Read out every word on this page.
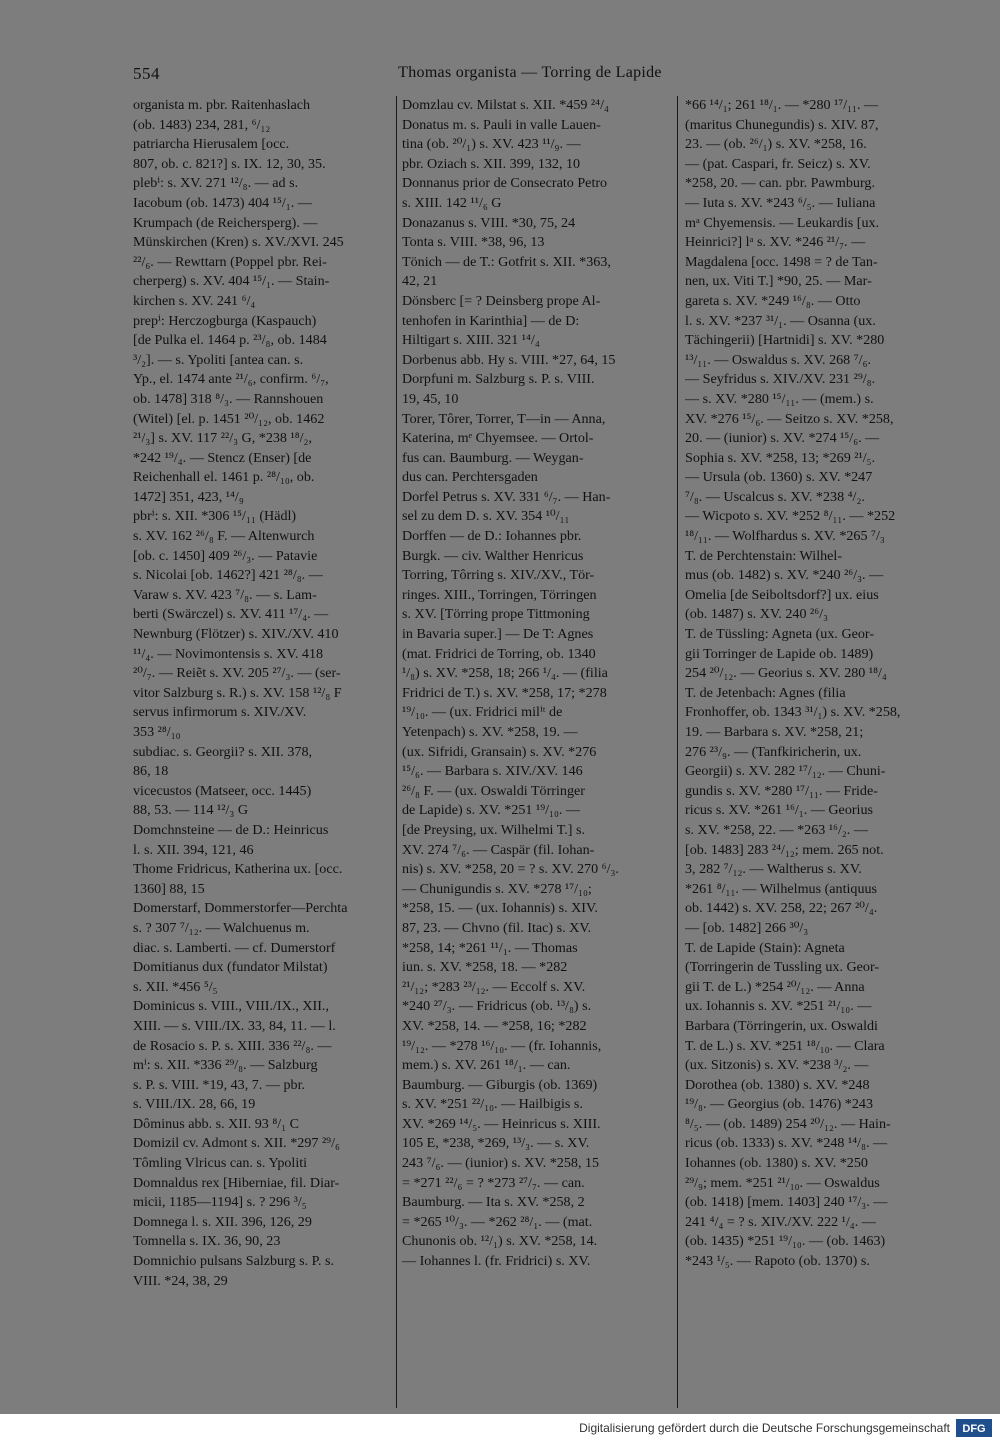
554	Thomas organista — Torring de Lapide
organista m. pbr. Raitenhaslach
(ob. 1483) 234, 281, ⁶/₁₂
patriarcha Hierusalem [occ.
807, ob. c. 821?] s. IX. 12, 30, 35.
plebⁱ: s. XV. 271 ¹²/₈. — ad s.
Iacobum (ob. 1473) 404 ¹⁵/₁. —
Krumpach (de Reichersperg). —
Münskirchen (Kren) s. XV./XVI. 245
²²/₆. — Rewttarn (Poppel pbr. Rei-
cherperg) s. XV. 404 ¹⁵/₁. — Stain-
kirchen s. XV. 241 ⁶/₄
prepⁱ: Herczogburga (Kaspauch)
[de Pulka el. 1464 p. ²³/₈, ob. 1484
³/₂]. — s. Ypoliti [antea can. s.
Yp., el. 1474 ante ²¹/₆, confirm. ⁶/₇,
ob. 1478] 318 ⁸/₃. — Rannshouen
(Witel) [el. p. 1451 ²⁰/₁₂, ob. 1462
²¹/₃] s. XV. 117 ²²/₃ G, *238 ¹⁸/₂,
*242 ¹⁹/₄. — Stencz (Enser) [de
Reichenhall el. 1461 p. ²⁸/₁₀, ob.
1472] 351, 423, ¹⁴/₉
pbrⁱ: s. XII. *306 ¹⁵/₁₁ (Hädl)
s. XV. 162 ²⁶/₈ F. — Altenwurch
[ob. c. 1450] 409 ²⁶/₃. — Patavie
s. Nicolai [ob. 1462?] 421 ²⁸/₈. —
Varaw s. XV. 423 ⁷/₈. — s. Lam-
berti (Swärczel) s. XV. 411 ¹⁷/₄. —
Newnburg (Flötzer) s. XIV./XV. 410
¹¹/₄. — Novimontensis s. XV. 418
²⁰/₇. — Reiẽt s. XV. 205 ²⁷/₃. — (ser-
vitor Salzburg s. R.) s. XV. 158 ¹²/₈ F
servus infirmorum s. XIV./XV.
353 ²⁸/₁₀
subdiac. s. Georgii? s. XII. 378,
86, 18
vicecustos (Matseer, occ. 1445)
88, 53. — 114 ¹²/₃ G
Domchnsteine — de D.: Heinricus
l. s. XII. 394, 121, 46
Thome Fridricus, Katherina ux. [occ.
1360] 88, 15
Domerstarf, Dommerstorfer—Perchta
s. ? 307 ⁷/₁₂. — Walchuenus m.
diac. s. Lamberti. — cf. Dumerstorf
Domitianus dux (fundator Milstat)
s. XII. *456 ⁵/₅
Dominicus s. VIII., VIII./IX., XII.,
XIII. — s. VIII./IX. 33, 84, 11. — l.
de Rosacio s. P. s. XIII. 336 ²²/₈. —
mⁱ: s. XII. *336 ²⁹/₈. — Salzburg
s. P. s. VIII. *19, 43, 7. — pbr.
s. VIII./IX. 28, 66, 19
Dôminus abb. s. XII. 93 ⁸/₁ C
Domizil cv. Admont s. XII. *297 ²⁹/₆
Tômling Vlricus can. s. Ypoliti
Domnaldus rex [Hiberniae, fil. Diar-
micii, 1185—1194] s. ? 296 ³/₅
Domnega l. s. XII. 396, 126, 29
Tomnella s. IX. 36, 90, 23
Domnichio pulsans Salzburg s. P. s.
VIII. *24, 38, 29
Domzlau cv. Milstat s. XII. *459 ²⁴/₄
Donatus m. s. Pauli in valle Lauen-
tina (ob. ²⁰/₁) s. XV. 423 ¹¹/₉. —
pbr. Oziach s. XII. 399, 132, 10
Donnanus prior de Consecrato Petro
s. XIII. 142 ¹¹/₆ G
Donazanus s. VIII. *30, 75, 24
Tonta s. VIII. *38, 96, 13
Tönich — de T.: Gotfrit s. XII. *363,
42, 21
Dönsberc [= ? Deinsberg prope Al-
tenhofen in Karinthia] — de D:
Hiltigart s. XIII. 321 ¹⁴/₄
Dorbenus abb. Hy s. VIII. *27, 64, 15
Dorpfuni m. Salzburg s. P. s. VIII.
19, 45, 10
Torer, Tôrer, Torrer, T—in — Anna,
Katerina, mᵉ Chyemsee. — Ortol-
fus can. Baumburg. — Weygan-
dus can. Perchtersgaden
Dorfel Petrus s. XV. 331 ⁶/₇. — Han-
sel zu dem D. s. XV. 354 ¹⁰/₁₁
Dorffen — de D.: Iohannes pbr.
Burgk. — civ. Walther Henricus
Torring, Tôrring s. XIV./XV., Tör-
ringes. XIII., Torringen, Törringen
s. XV. [Törring prope Tittmoning
in Bavaria super.] — De T: Agnes
(mat. Fridrici de Torring, ob. 1340
¹/₈) s. XV. *258, 18; 266 ¹/₄. — (filia
Fridrici de T.) s. XV. *258, 17; *278
¹⁹/₁₀. — (ux. Fridrici milⁱᵗ de
Yetenpach) s. XV. *258, 19. —
(ux. Sifridi, Gransain) s. XV. *276
¹⁵/₆. — Barbara s. XIV./XV. 146
²⁶/₈ F. — (ux. Oswaldi Törringer
de Lapide) s. XV. *251 ¹⁹/₁₀. —
[de Preysing, ux. Wilhelmi T.] s.
XV. 274 ⁷/₆. — Caspär (fil. Iohan-
nis) s. XV. *258, 20 = ? s. XV. 270 ⁶/₃.
— Chunigundis s. XV. *278 ¹⁷/₁₀;
*258, 15. — (ux. Iohannis) s. XIV.
87, 23. — Chvno (fil. Itac) s. XV.
*258, 14; *261 ¹¹/₁. — Thomas
iun. s. XV. *258, 18. — *282
²¹/₁₂; *283 ²³/₁₂. — Eccolf s. XV.
*240 ²⁷/₃. — Fridricus (ob. ¹³/₈) s.
XV. *258, 14. — *258, 16; *282
¹⁹/₁₂. — *278 ¹⁶/₁₀. — (fr. Iohannis,
mem.) s. XV. 261 ¹⁸/₁. — can.
Baumburg. — Giburgis (ob. 1369)
s. XV. *251 ²²/₁₀. — Hailbigis s.
XV. *269 ¹⁴/₅. — Heinricus s. XIII.
105 E, *238, *269, ¹³/₃. — s. XV.
243 ⁷/₆. — (iunior) s. XV. *258, 15
= *271 ²²/₆ = ? *273 ²⁷/₇. — can.
Baumburg. — Ita s. XV. *258, 2
= *265 ¹⁰/₃. — *262 ²⁸/₁. — (mat.
Chunonis ob. ¹²/₁) s. XV. *258, 14.
— Iohannes l. (fr. Fridrici) s. XV.
*66 ¹⁴/₁; 261 ¹⁸/₁. — *280 ¹⁷/₁₁. —
(maritus Chunegundis) s. XIV. 87,
23. — (ob. ²⁶/₁) s. XV. *258, 16.
— (pat. Caspari, fr. Seicz) s. XV.
*258, 20. — can. pbr. Pawmburg.
— Iuta s. XV. *243 ⁶/₅. — Iuliana
mᵃ Chyemensis. — Leukardis [ux.
Heinrici?] lᵃ s. XV. *246 ²¹/₇. —
Magdalena [occ. 1498 = ? de Tan-
nen, ux. Viti T.] *90, 25. — Mar-
gareta s. XV. *249 ¹⁶/₈. — Otto
l. s. XV. *237 ³¹/₁. — Osanna (ux.
Tächingerii) [Hartnidi] s. XV. *280
¹³/₁₁. — Oswaldus s. XV. 268 ⁷/₆.
— Seyfridus s. XIV./XV. 231 ²⁹/₈.
— s. XV. *280 ¹⁵/₁₁. — (mem.) s.
XV. *276 ¹⁵/₆. — Seitzo s. XV. *258,
20. — (iunior) s. XV. *274 ¹⁵/₆. —
Sophia s. XV. *258, 13; *269 ²¹/₅.
— Ursula (ob. 1360) s. XV. *247
⁷/₈. — Uscalcus s. XV. *238 ⁴/₂.
— Wicpoto s. XV. *252 ⁸/₁₁. — *252
¹⁸/₁₁. — Wolfhardus s. XV. *265 ⁷/₃
T. de Perchtenstain: Wilhel-
mus (ob. 1482) s. XV. *240 ²⁶/₃. —
Omelia [de Seiboltsdorf?] ux. eius
(ob. 1487) s. XV. 240 ²⁶/₃
T. de Tüssling: Agneta (ux. Geor-
gii Torringer de Lapide ob. 1489)
254 ²⁰/₁₂. — Georius s. XV. 280 ¹⁸/₄
T. de Jetenbach: Agnes (filia
Fronhoffer, ob. 1343 ³¹/₁) s. XV. *258,
19. — Barbara s. XV. *258, 21;
276 ²³/₉. — (Tanfkiricherin, ux.
Georgii) s. XV. 282 ¹⁷/₁₂. — Chuni-
gundis s. XV. *280 ¹⁷/₁₁. — Fride-
ricus s. XV. *261 ¹⁶/₁. — Georius
s. XV. *258, 22. — *263 ¹⁶/₂. —
[ob. 1483] 283 ²⁴/₁₂; mem. 265 not.
3, 282 ⁷/₁₂. — Waltherus s. XV.
*261 ⁸/₁₁. — Wilhelmus (antiquus
ob. 1442) s. XV. 258, 22; 267 ²⁰/₄.
— [ob. 1482] 266 ³⁰/₃
T. de Lapide (Stain): Agneta
(Torringerin de Tussling ux. Geor-
gii T. de L.) *254 ²⁰/₁₂. — Anna
ux. Iohannis s. XV. *251 ²¹/₁₀. —
Barbara (Törringerin, ux. Oswaldi
T. de L.) s. XV. *251 ¹⁸/₁₀. — Clara
(ux. Sitzonis) s. XV. *238 ³/₂. —
Dorothea (ob. 1380) s. XV. *248
¹⁹/₈. — Georgius (ob. 1476) *243
⁸/₅. — (ob. 1489) 254 ²⁰/₁₂. — Hain-
ricus (ob. 1333) s. XV. *248 ¹⁴/₈. —
Iohannes (ob. 1380) s. XV. *250
²⁹/₉; mem. *251 ²¹/₁₀. — Oswaldus
(ob. 1418) [mem. 1403] 240 ¹⁷/₃. —
241 ⁴/₄ = ? s. XIV./XV. 222 ¹/₄. —
(ob. 1435) *251 ¹⁹/₁₀. — (ob. 1463)
*243 ¹/₅. — Rapoto (ob. 1370) s.
Digitalisierung gefördert durch die Deutsche Forschungsgemeinschaft DFG
